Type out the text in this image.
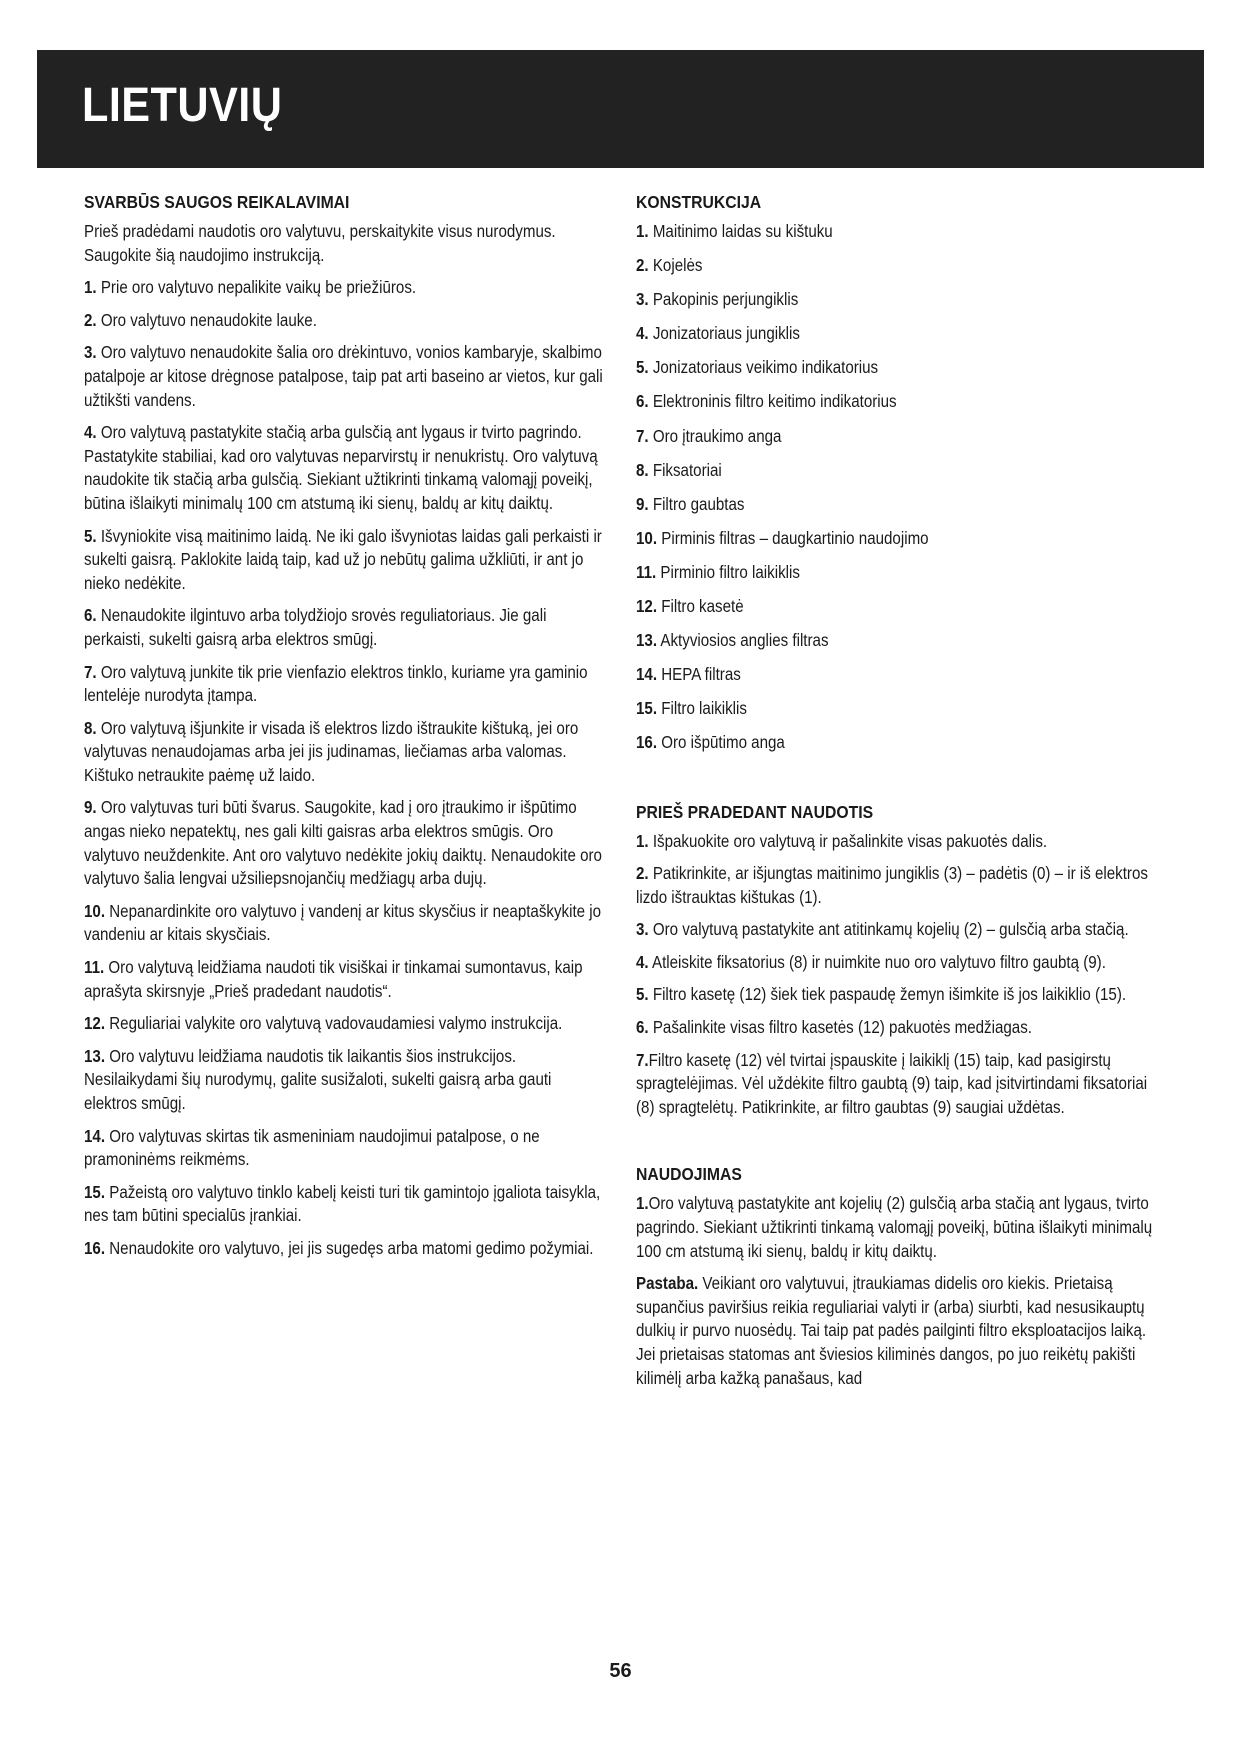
LIETUVIŲ
SVARBŪS SAUGOS REIKALAVIMAI
Prieš pradėdami naudotis oro valytuvu, perskaitykite visus nurodymus. Saugokite šią naudojimo instrukciją.
1. Prie oro valytuvo nepalikite vaikų be priežiūros.
2. Oro valytuvo nenaudokite lauke.
3. Oro valytuvo nenaudokite šalia oro drėkintuvo, vonios kambaryje, skalbimo patalpoje ar kitose drėgnose patalpose, taip pat arti baseino ar vietos, kur gali užtikšti vandens.
4. Oro valytuvą pastatykite stačią arba gulsčią ant lygaus ir tvirto pagrindo. Pastatykite stabiliai, kad oro valytuvas neparvirstų ir nenukristų. Oro valytuvą naudokite tik stačią arba gulsčią. Siekiant užtikrinti tinkamą valomąjį poveikį, būtina išlaikyti minimalų 100 cm atstumą iki sienų, baldų ar kitų daiktų.
5. Išvyniokite visą maitinimo laidą. Ne iki galo išvyniotas laidas gali perkaisti ir sukelti gaisrą. Paklokite laidą taip, kad už jo nebūtų galima užkliūti, ir ant jo nieko nedėkite.
6. Nenaudokite ilgintuvo arba tolydžiojo srovės reguliatoriaus. Jie gali perkaisti, sukelti gaisrą arba elektros smūgį.
7. Oro valytuvą junkite tik prie vienfazio elektros tinklo, kuriame yra gaminio lentelėje nurodyta įtampa.
8. Oro valytuvą išjunkite ir visada iš elektros lizdo ištraukite kištuką, jei oro valytuvas nenaudojamas arba jei jis judinamas, liečiamas arba valomas. Kištuko netraukite paėmę už laido.
9. Oro valytuvas turi būti švarus. Saugokite, kad į oro įtraukimo ir išpūtimo angas nieko nepatektų, nes gali kilti gaisras arba elektros smūgis. Oro valytuvo neuždenkite. Ant oro valytuvo nedėkite jokių daiktų. Nenaudokite oro valytuvo šalia lengvai užsiliepsnojančių medžiagų arba dujų.
10. Nepanardinkite oro valytuvo į vandenį ar kitus skysčius ir neaptaškykite jo vandeniu ar kitais skysčiais.
11. Oro valytuvą leidžiama naudoti tik visiškai ir tinkamai sumontavus, kaip aprašyta skirsnyje „Prieš pradedant naudotis“.
12. Reguliariai valykite oro valytuvą vadovaudamiesi valymo instrukcija.
13. Oro valytuvu leidžiama naudotis tik laikantis šios instrukcijos. Nesilaikydami šių nurodymų, galite susižaloti, sukelti gaisrą arba gauti elektros smūgį.
14. Oro valytuvas skirtas tik asmeniniam naudojimui patalpose, o ne pramoninėms reikmėms.
15. Pažeistą oro valytuvo tinklo kabelį keisti turi tik gamintojo įgaliota taisykla, nes tam būtini specialūs įrankiai.
16. Nenaudokite oro valytuvo, jei jis sugedęs arba matomi gedimo požymiai.
KONSTRUKCIJA
1. Maitinimo laidas su kištuku
2. Kojelės
3. Pakopinis perjungiklis
4. Jonizatoriaus jungiklis
5. Jonizatoriaus veikimo indikatorius
6. Elektroninis filtro keitimo indikatorius
7. Oro įtraukimo anga
8. Fiksatoriai
9. Filtro gaubtas
10. Pirminis filtras – daugkartinio naudojimo
11. Pirminio filtro laikiklis
12. Filtro kasetė
13. Aktyviosios anglies filtras
14. HEPA filtras
15. Filtro laikiklis
16. Oro išpūtimo anga
PRIEŠ PRADEDANT NAUDOTIS
1. Išpakuokite oro valytuvą ir pašalinkite visas pakuotės dalis.
2. Patikrinkite, ar išjungtas maitinimo jungiklis (3) – padėtis (0) – ir iš elektros lizdo ištrauktas kištukas (1).
3. Oro valytuvą pastatykite ant atitinkamų kojelių (2) – gulsčią arba stačią.
4. Atleiskite fiksatorius (8) ir nuimkite nuo oro valytuvo filtro gaubtą (9).
5. Filtro kasetę (12) šiek tiek paspaudę žemyn išimkite iš jos laikiklio (15).
6. Pašalinkite visas filtro kasetės (12) pakuotės medžiagas.
7.Filtro kasetę (12) vėl tvirtai įspauskite į laikiklį (15) taip, kad pasigirstų spragtelėjimas. Vėl uždėkite filtro gaubtą (9) taip, kad įsitvirtindami fiksatoriai (8) spragtelėtų. Patikrinkite, ar filtro gaubtas (9) saugiai uždėtas.
NAUDOJIMAS
1.Oro valytuvą pastatykite ant kojelių (2) gulsčią arba stačią ant lygaus, tvirto pagrindo. Siekiant užtikrinti tinkamą valomąjį poveikį, būtina išlaikyti minimalų 100 cm atstumą iki sienų, baldų ir kitų daiktų.
Pastaba. Veikiant oro valytuvui, įtraukiamas didelis oro kiekis. Prietaisą supančius paviršius reikia reguliariai valyti ir (arba) siurbti, kad nesusikauptų dulkių ir purvo nuosėdų. Tai taip pat padės pailginti filtro eksploatacijos laiką. Jei prietaisas statomas ant šviesios kiliminės dangos, po juo reikėtų pakišti kilimėlį arba kažką panašaus, kad
56
